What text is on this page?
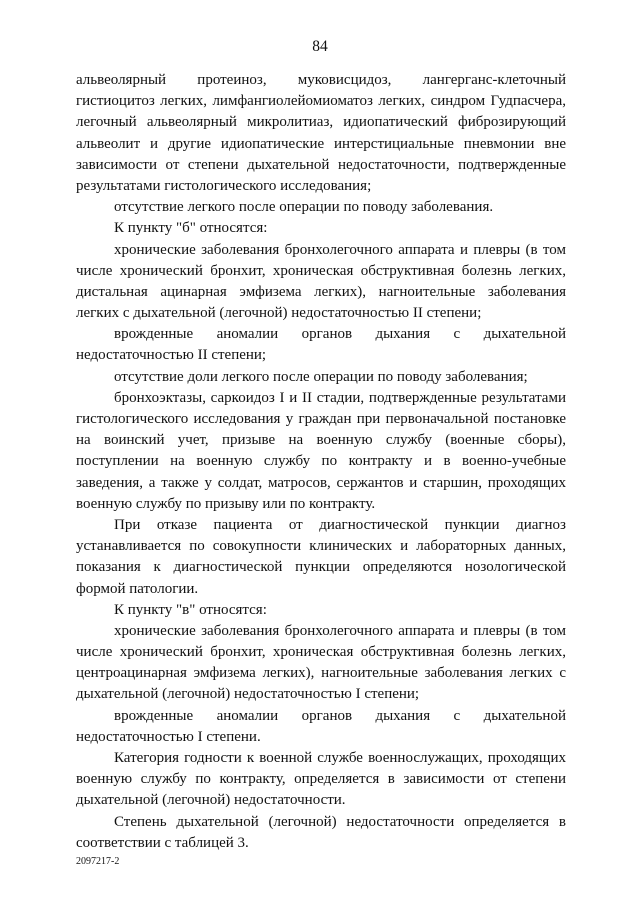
84
альвеолярный протеиноз, муковисцидоз, лангерганс-клеточный
гистиоцитоз легких, лимфангиолейомиоматоз легких, синдром Гудпасчера,
легочный альвеолярный микролитиаз, идиопатический фиброзирующий
альвеолит и другие идиопатические интерстициальные пневмонии вне
зависимости от степени дыхательной недостаточности, подтвержденные
результатами гистологического исследования;
отсутствие легкого после операции по поводу заболевания.
К пункту "б" относятся:
хронические заболевания бронхолегочного аппарата и плевры (в том
числе хронический бронхит, хроническая обструктивная болезнь легких,
дистальная ацинарная эмфизема легких), нагноительные заболевания
легких с дыхательной (легочной) недостаточностью II степени;
врожденные аномалии органов дыхания с дыхательной
недостаточностью II степени;
отсутствие доли легкого после операции по поводу заболевания;
бронхоэктазы, саркоидоз I и II стадии, подтвержденные результатами
гистологического исследования у граждан при первоначальной постановке
на воинский учет, призыве на военную службу (военные сборы),
поступлении на военную службу по контракту и в военно-учебные
заведения, а также у солдат, матросов, сержантов и старшин, проходящих
военную службу по призыву или по контракту.
При отказе пациента от диагностической пункции диагноз
устанавливается по совокупности клинических и лабораторных данных,
показания к диагностической пункции определяются нозологической
формой патологии.
К пункту "в" относятся:
хронические заболевания бронхолегочного аппарата и плевры (в том
числе хронический бронхит, хроническая обструктивная болезнь легких,
центроацинарная эмфизема легких), нагноительные заболевания легких с
дыхательной (легочной) недостаточностью I степени;
врожденные аномалии органов дыхания с дыхательной
недостаточностью I степени.
Категория годности к военной службе военнослужащих, проходящих
военную службу по контракту, определяется в зависимости от степени
дыхательной (легочной) недостаточности.
Степень дыхательной (легочной) недостаточности определяется в
соответствии с таблицей 3.
2097217-2
